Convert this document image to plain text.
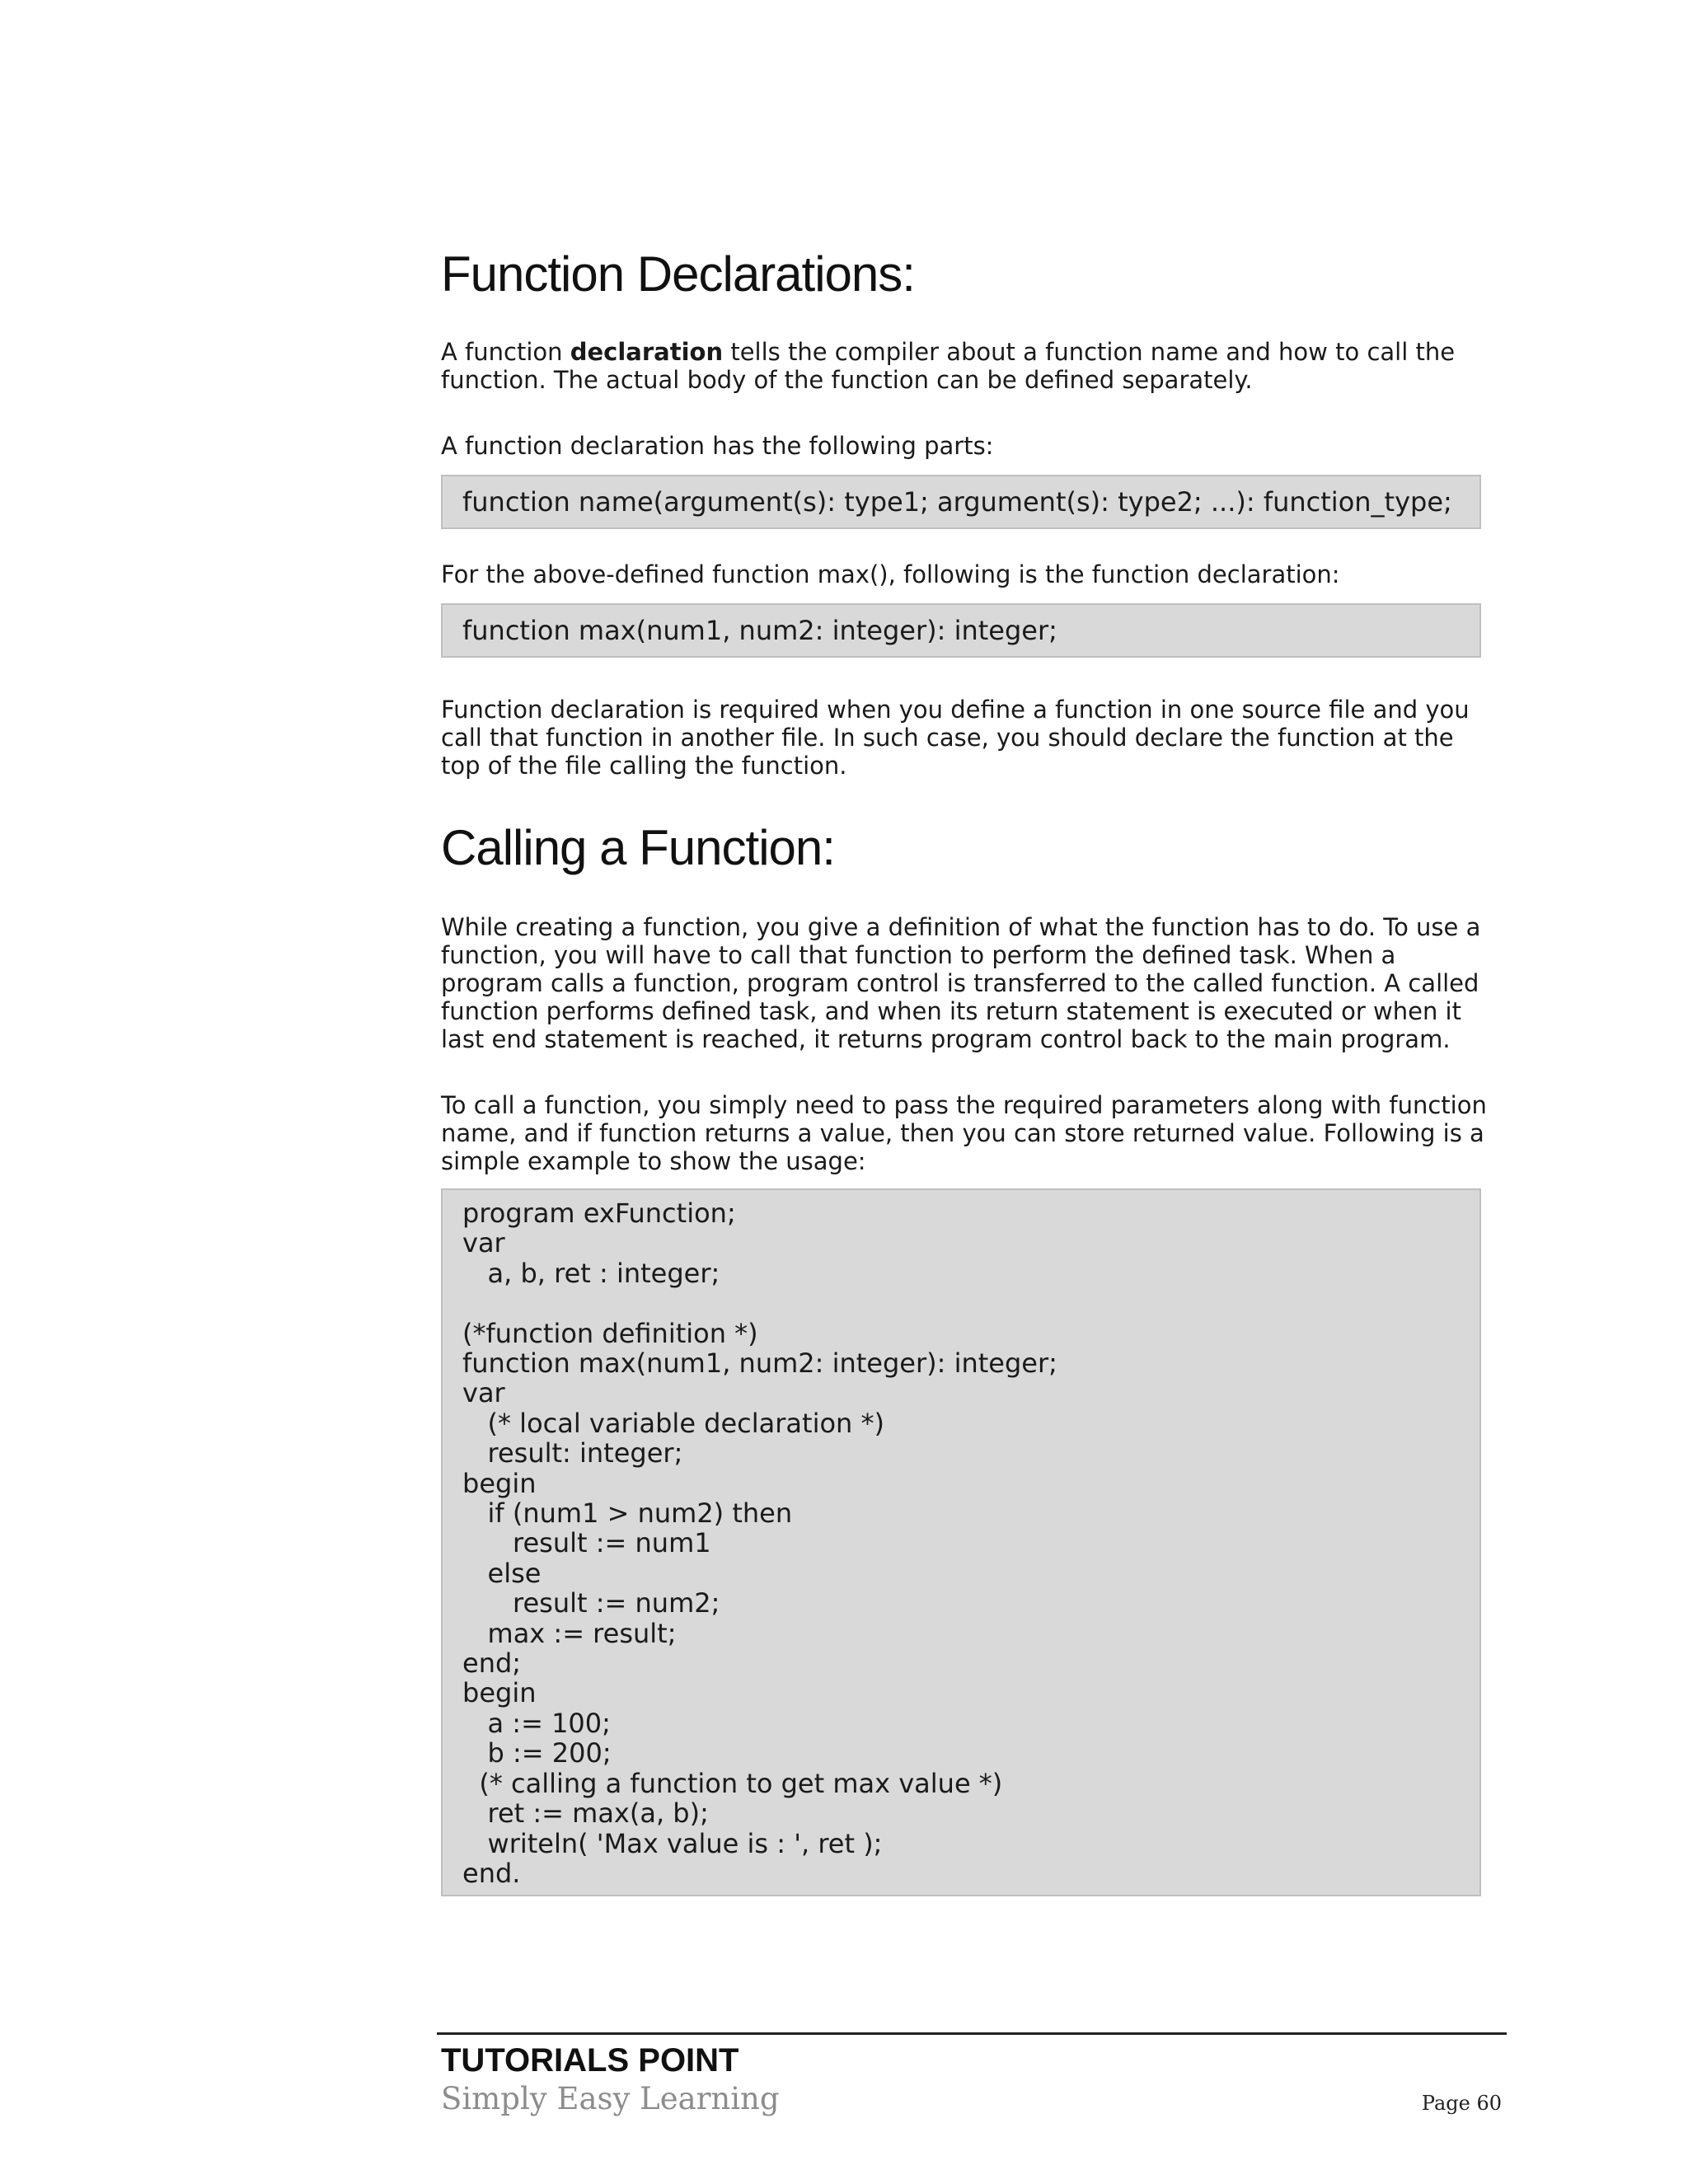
Function Declarations:

A function declaration tells the compiler about a function name and how to call the function. The actual body of the function can be defined separately.

A function declaration has the following parts:

function name(argument(s): type1; argument(s): type2; ...): function_type;

For the above-defined function max(), following is the function declaration:

function max(num1, num2: integer): integer;

Function declaration is required when you define a function in one source file and you call that function in another file. In such case, you should declare the function at the top of the file calling the function.

Calling a Function:

While creating a function, you give a definition of what the function has to do. To use a function, you will have to call that function to perform the defined task. When a program calls a function, program control is transferred to the called function. A called function performs defined task, and when its return statement is executed or when it last end statement is reached, it returns program control back to the main program.

To call a function, you simply need to pass the required parameters along with function name, and if function returns a value, then you can store returned value. Following is a simple example to show the usage:

program exFunction;
var
a, b, ret : integer;
(*function definition *)
function max(num1, num2: integer): integer;
var
(* local variable declaration *)
result: integer;
begin
if (num1 > num2) then
result := num1
else
result := num2;
max := result;
end;
begin
a := 100;
b := 200;
(* calling a function to get max value *)
ret := max(a, b);
writeln( 'Max value is : ', ret );
end.
TUTORIALS POINT
Simply Easy Learning	Page 60
